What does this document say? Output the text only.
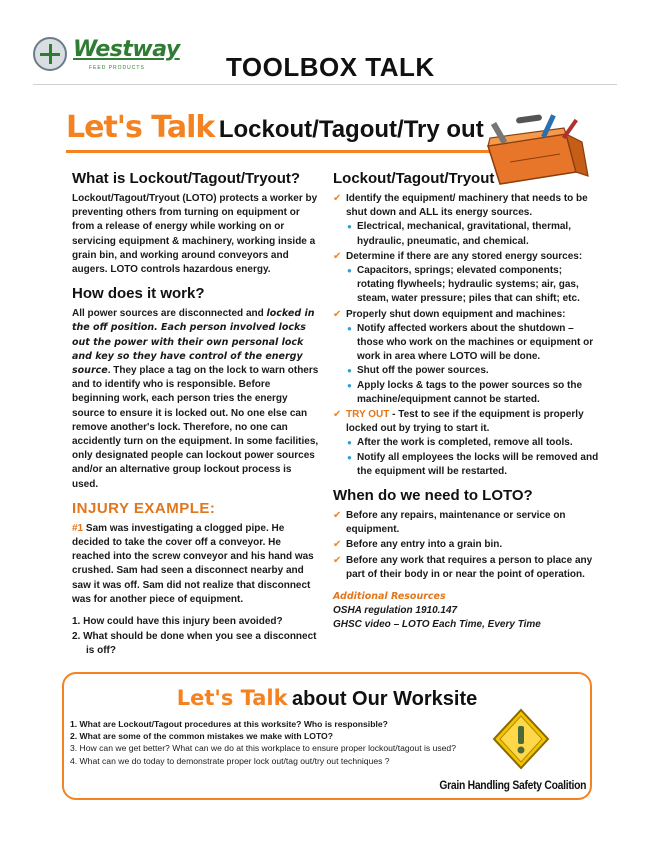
Westway
FEED PRODUCTS	TOOLBOX TALK
Let's Talk Lockout/Tagout/Try out
What is Lockout/Tagout/Tryout?

Lockout/Tagout/Tryout (LOTO) protects a worker by preventing others from turning on equipment or from a release of energy while working on or servicing equipment & machinery, working inside a grain bin, and working around conveyors and augers. LOTO controls hazardous energy.

How does it work?

All power sources are disconnected and locked in the off position. Each person involved locks out the power with their own personal lock and key so they have control of the energy source. They place a tag on the lock to warn others and to identify who is responsible. Before beginning work, each person tries the energy source to ensure it is locked out. No one else can remove another's lock. Therefore, no one can accidently turn on the equipment. In some facilities, only designated people can lockout power sources and/or an alternative group lockout process is used.

INJURY EXAMPLE:

#1 Sam was investigating a clogged pipe. He decided to take the cover off a conveyor. He reached into the screw conveyor and his hand was crushed. Sam had seen a disconnect nearby and saw it was off. Sam did not realize that disconnect was for another piece of equipment.

1. How could have this injury been avoided?
2. What should be done when you see a disconnect is off?
Lockout/Tagout/Tryout
✔ Identify the equipment/ machinery that needs to be shut down and ALL its energy sources.
● Electrical, mechanical, gravitational, thermal, hydraulic, pneumatic, and chemical.
✔ Determine if there are any stored energy sources:
● Capacitors, springs; elevated components; rotating flywheels; hydraulic systems; air, gas, steam, water pressure; piles that can shift; etc.
✔ Properly shut down equipment and machines:
● Notify affected workers about the shutdown – those who work on the machines or equipment or work in area where LOTO will be done.
● Shut off the power sources.
● Apply locks & tags to the power sources so the machine/equipment cannot be started.
✔ TRY OUT - Test to see if the equipment is properly locked out by trying to start it.
● After the work is completed, remove all tools.
● Notify all employees the locks will be removed and the equipment will be restarted.
When do we need to LOTO?
✔ Before any repairs, maintenance or service on equipment.
✔ Before any entry into a grain bin.
✔ Before any work that requires a person to place any part of their body in or near the point of operation.
Additional Resources
OSHA regulation 1910.147
GHSC video – LOTO Each Time, Every Time
Let's Talk about Our Worksite
1. What are Lockout/Tagout procedures at this worksite? Who is responsible?
2. What are some of the common mistakes we make with LOTO?
3. How can we get better? What can we do at this workplace to ensure proper lockout/tagout is used?
4. What can we do today to demonstrate proper lock out/tag out/try out techniques ?
Grain Handling Safety Coalition
